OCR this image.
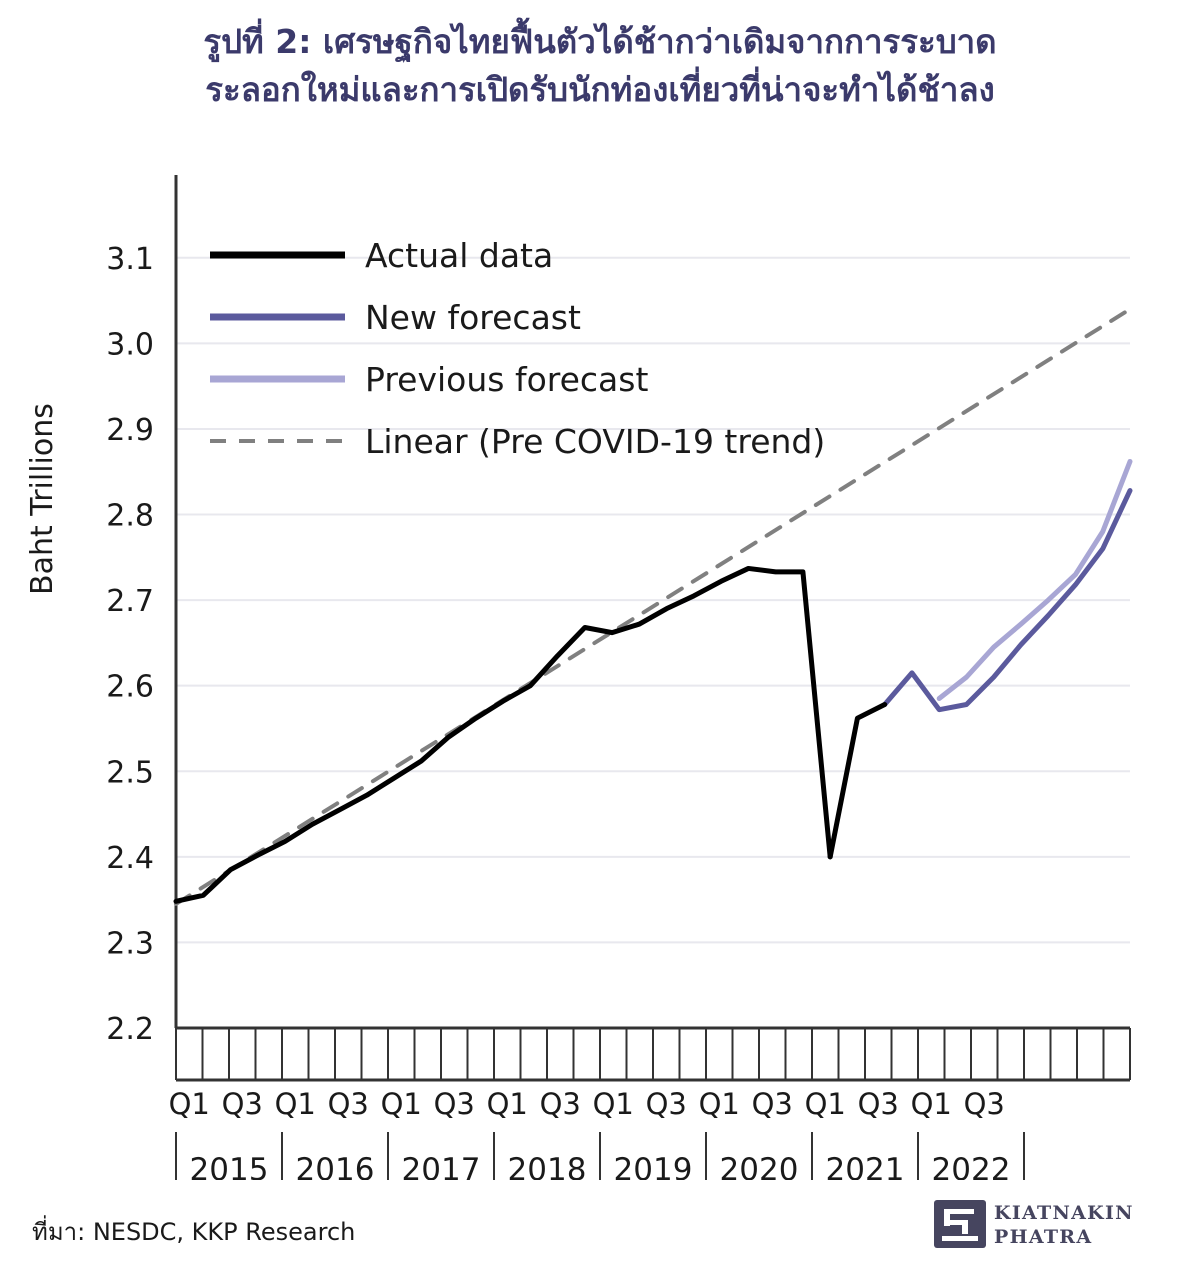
รูปที่ 2: เศรษฐกิจไทยฟื้นตัวได้ช้ากว่าเดิมจากการระบาด
ระลอกใหม่และการเปิดรับนักท่องเที่ยวที่น่าจะทำได้ช้าลง
2.2
2.3
2.4
2.5
2.6
2.7
2.8
2.9
3.0
3.1
Q1 Q3 Q1 Q3 Q1 Q3 Q1 Q3 Q1 Q3 Q1 Q3 Q1 Q3 Q1 Q3
2015 2016 2017 2018 2019 2020 2021 2022
Actual data
New forecast
Previous forecast
Linear (Pre COVID-19 trend)
Baht Trillions
ที่มา: NESDC, KKP Research
KIATNAKIN
PHATRA
